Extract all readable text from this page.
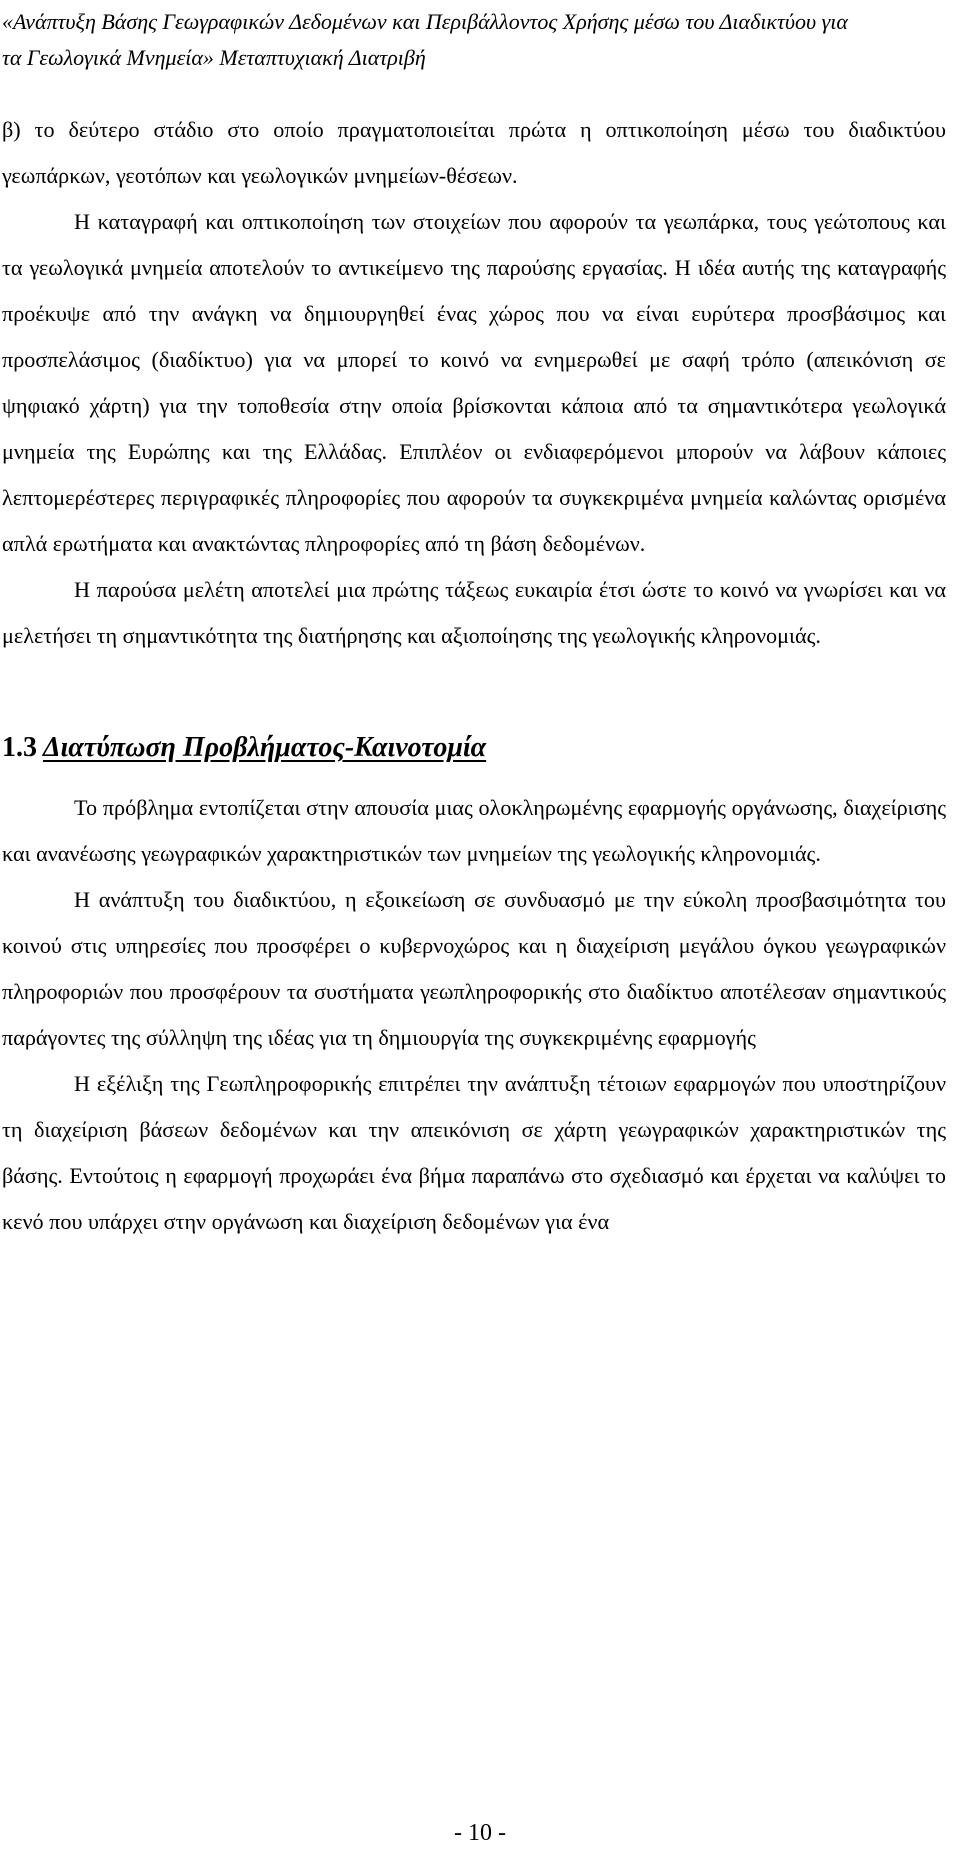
«Ανάπτυξη Βάσης Γεωγραφικών Δεδομένων και Περιβάλλοντος Χρήσης μέσω του Διαδικτύου για
τα Γεωλογικά Μνημεία» Μεταπτυχιακή Διατριβή

β) το δεύτερο στάδιο στο οποίο πραγματοποιείται πρώτα η οπτικοποίηση μέσω του διαδικτύου γεωπάρκων, γεοτόπων και γεωλογικών μνημείων-θέσεων.

Η καταγραφή και οπτικοποίηση των στοιχείων που αφορούν τα γεωπάρκα, τους γεώτοπους και τα γεωλογικά μνημεία αποτελούν το αντικείμενο της παρούσης εργασίας. Η ιδέα αυτής της καταγραφής προέκυψε από την ανάγκη να δημιουργηθεί ένας χώρος που να είναι ευρύτερα προσβάσιμος και προσπελάσιμος (διαδίκτυο) για να μπορεί το κοινό να ενημερωθεί με σαφή τρόπο (απεικόνιση σε ψηφιακό χάρτη) για την τοποθεσία στην οποία βρίσκονται κάποια από τα σημαντικότερα γεωλογικά μνημεία της Ευρώπης και της Ελλάδας. Επιπλέον οι ενδιαφερόμενοι μπορούν να λάβουν κάποιες λεπτομερέστερες περιγραφικές πληροφορίες που αφορούν τα συγκεκριμένα μνημεία καλώντας ορισμένα απλά ερωτήματα και ανακτώντας πληροφορίες από τη βάση δεδομένων.

Η παρούσα μελέτη αποτελεί μια πρώτης τάξεως ευκαιρία έτσι ώστε το κοινό να γνωρίσει και να μελετήσει τη σημαντικότητα της διατήρησης και αξιοποίησης της γεωλογικής κληρονομιάς.

1.3 Διατύπωση Προβλήματος-Καινοτομία

Το πρόβλημα εντοπίζεται στην απουσία μιας ολοκληρωμένης εφαρμογής οργάνωσης, διαχείρισης και ανανέωσης γεωγραφικών χαρακτηριστικών των μνημείων της γεωλογικής κληρονομιάς.

Η ανάπτυξη του διαδικτύου, η εξοικείωση σε συνδυασμό με την εύκολη προσβασιμότητα του κοινού στις υπηρεσίες που προσφέρει ο κυβερνοχώρος και η διαχείριση μεγάλου όγκου γεωγραφικών πληροφοριών που προσφέρουν τα συστήματα γεωπληροφορικής στο διαδίκτυο αποτέλεσαν σημαντικούς παράγοντες της σύλληψη της ιδέας για τη δημιουργία της συγκεκριμένης εφαρμογής

Η εξέλιξη της Γεωπληροφορικής επιτρέπει την ανάπτυξη τέτοιων εφαρμογών που υποστηρίζουν τη διαχείριση βάσεων δεδομένων και την απεικόνιση σε χάρτη γεωγραφικών χαρακτηριστικών της βάσης. Εντούτοις η εφαρμογή προχωράει ένα βήμα παραπάνω στο σχεδιασμό και έρχεται να καλύψει το κενό που υπάρχει στην οργάνωση και διαχείριση δεδομένων για ένα

- 10 -
